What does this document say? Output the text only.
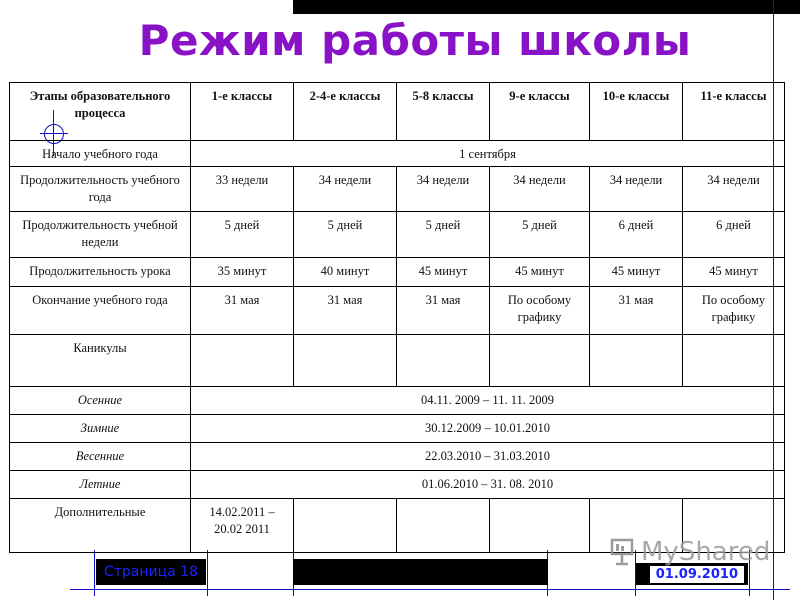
Режим работы школы
Этапы образовательного процесса	1-е классы	2-4-е классы	5-8 классы	9-е классы	10-е классы	11-е классы
Начало учебного года	1 сентября					
Продолжительность учебного года	33 недели	34 недели	34 недели	34 недели	34 недели	34 недели
Продолжительность учебной недели	5 дней	5 дней	5 дней	5 дней	6 дней	6 дней
Продолжительность урока	35 минут	40 минут	45 минут	45 минут	45 минут	45 минут
Окончание учебного года	31 мая	31 мая	31 мая	По особому графику	31 мая	По особому графику
Каникулы						
Осенние	04.11. 2009 – 11. 11. 2009					
Зимние	30.12.2009 – 10.01.2010					
Весенние	22.03.2010 – 31.03.2010					
Летние	01.06.2010 – 31. 08. 2010					
Дополнительные	14.02.2011 – 20.02 2011					
Страница 18	01.09.2010
MyShared
